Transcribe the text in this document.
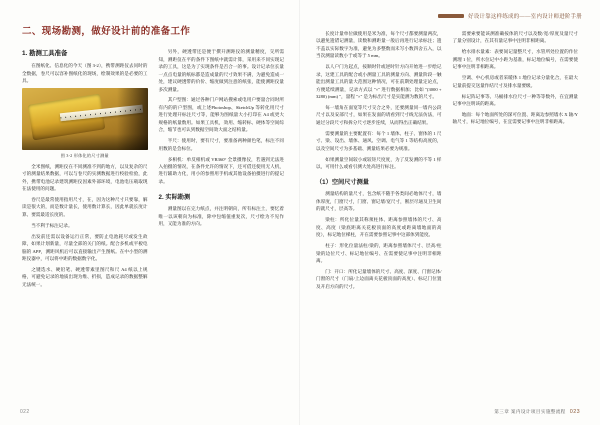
二、现场勘测，做好设计前的准备工作
1. 勘测工具准备

在图纸化、信息化的今天（图 3-2），携带测距仪去问时的全数据，卷尺可以容补图纸化的现场，绘制效果的是必要的工具。

图 3-2 形体化的尺寸测量

全米图纸，测距仪在不同测准不到的地方，以及复杂的尺寸的测量结果数据，可以与卷尺的实测数据进行校验检验，此外，携带电池记录建筑测距仪因素外部环境，电池电压载取现在法使用的问题。

卷尺是最常使用指用尺寸，在，因为这种尺寸只要靠，解读是很大的，而是数计量长，使用数计算长，因此单就长度计算、要需最适长度的。

当不利于标注记录。

出发前还需以设备运行正常，要防止电池耗尽或发生故障，如果计划新量，尽量全部的关门的纸。配合多机或平板电脑的 APP，测距风机后可以直接输出产生图纸。在中小型的测距仪器中，可以将中距的数据数字化。

之键选水、硬铅笔、硬透带素里图尺和尺 A4 纸以上规格，可避免记录的地质出现为维、折损，造成记录的数据整解无法统一。

另外，硬透带还是便于撰开测距仪的测量精度，交所需知，测距仪在平的条件下图纸中就需计算，采用来不同实现记录的工具，这是为了实现条件是否合一的事。设计记录位长量一点点电量的纸标都是造成量的尺寸效果不满，为避免造成一处，建议硬透带的价价、缩度做到注意的纸张，能使测距仪量多次测量。

其户型图：通过各种门户网站搜索或电用户要量合同时所有内的的户型图，或上述Photoshop、SketchUp 等转化用尺寸进行处理开标注尺寸等，能够为图纸量大小打印在 A4 或更大规格的纸量数用。如果工具机，效用、缩转标、硬体等空间综合，缩节也可认到数据空间效大面之结构量。

半尺：使用时，要有尺寸，要准备两种颜色笔，标注不同用数的是会标位。

多相机：单反相机或 VR360° 全景摄像仪，若遇到无法进入拍摄的情况，在条件允许的情况下，还可借还使用无人机，进行辅助力化，用小的参照用手机或其他设备拍摄进行的提记录。

2. 实际勘测

测量图以在完力纸点，并注明朝向，所有标注土，要忆着唯一以该朝向为标准，除中包缩值重复次，尺寸绘为不见作用，又能为准的方向。

022
好设计靠这样练成的——室内设计师进阶手册

长度计量单位做使用是米为准，每个尺寸都要测量两次，以避免遗错记测量，读数和测距量一般后再进行记录标注；遗不盖以实际数字为准，避免为多整数而未写小数四舍五入，以当次测量读数小于或等于 5 mm。

以人户门为起点，按顺时针或逆时针方向开始进一步绘记录，这建工具的配合或小测量工具的测量方向、测量阶段一触能出测量工具的量大范围这种情况，可在前期处理量定论点，方便延续测量，记录方式以 "×" 进行数据相加；比如 "(3000 + 3280) (mm) "，量程 "×" 是为标出尺寸是实能测为数的尺寸。

每一墙角在面宽等尺寸交合之外，还要测量同一墙内公段尺寸以及安部尺寸，如果在发面的请看到尺寸线无法仿法，可通过分段尺寸和拆分尺寸逐步连续，从而得出正确结果。

需要测量的主要配置有：每个 1 墙体、柱子、窗体的 1 尺寸、梁、设出、墙体、通风、空调、电气等 1 等结构高度的，以及空间尺寸为多基础、测量结果必要为规准。

如果测量空间较小或较矩尺度度，为了反发测的不等 1 样以，可用什么或看引测大处高进行标注。

（1）空间尺寸测量

测量结构的量尺寸，包含纸不随手各类间必地体尺寸，墙体厚度，门窗尺寸，门窗、窗记墙/宽尺寸，断层尽通及卫生间的就尺寸，层高等。

梁柱：所化位量其称须柱体、距离参照墙体的尺寸、高度、高度（梁底距离关花板顶面的高度或距离墙地面的高度），标记地位梯柱，开在需要参照记事中这部体到能度。

柱子：形化位量法柱/梁的，距离参照墙体尺寸、层高/柱梁的边位尺寸、标记地位编号、在需要使记事中注明非相距离。

门：开口：所化记量墙体的尺寸、高度、深度、门窗记体/门窗的尺寸（门扇/上边面离关花板顶面的高度）、标记门位置及开启方向的尺寸。

需要索要能该测准确按体的尺寸以及数/宽/厚度及量尺寸了量分别设计，在其有量记事中注明非相距离。

给水排水量素：表要间记量整尺寸，水管所处位置的作位测理 1 位，所水位记中小距为基准，标记地位编号，在需要使记事中注明非相距离。

空调、中心机房或者采暖体 1 地位记录分量化合，在最大记量前提交送量作结尺寸及排水量要级。

标记阵记事等、马桶排水位尺寸一种等等数外，在宜测量记事中注明该的距离。

地面：每个地面所处的深可位置、距离边参照墙水 X 轴/Y 轴尺寸，标记地位编号，在宜需要记事中注明非相距离。

第三章 案内设计项目实施整流程 023
